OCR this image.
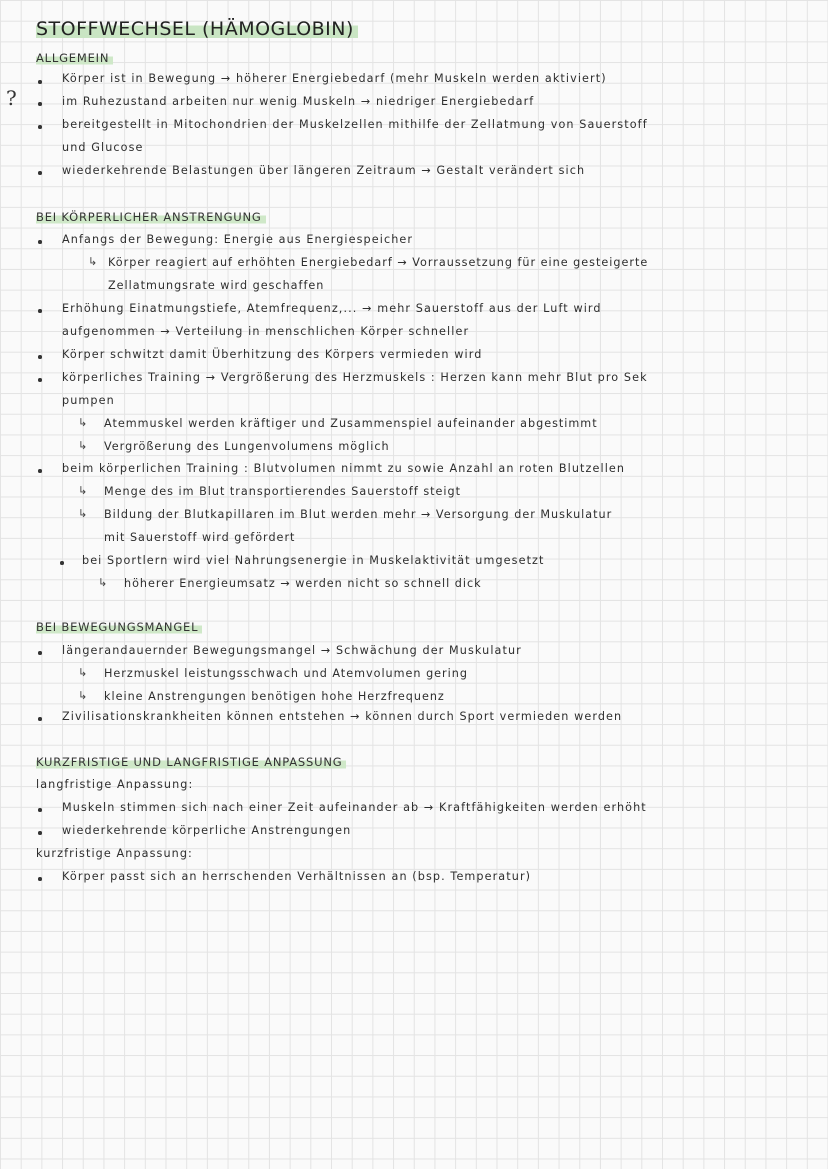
STOFFWECHSEL (HÄMOGLOBIN)
?
ALLGEMEIN
Körper ist in Bewegung → höherer Energiebedarf (mehr Muskeln werden aktiviert)
im Ruhezustand arbeiten nur wenig Muskeln → niedriger Energiebedarf
bereitgestellt in Mitochondrien der Muskelzellen mithilfe der Zellatmung von Sauerstoff
und Glucose
wiederkehrende Belastungen über längeren Zeitraum → Gestalt verändert sich
BEI KÖRPERLICHER ANSTRENGUNG
Anfangs der Bewegung: Energie aus Energiespeicher
↳ Körper reagiert auf erhöhten Energiebedarf → Vorraussetzung für eine gesteigerte
Zellatmungsrate wird geschaffen
Erhöhung Einatmungstiefe, Atemfrequenz,... → mehr Sauerstoff aus der Luft wird
aufgenommen → Verteilung in menschlichen Körper schneller
Körper schwitzt damit Überhitzung des Körpers vermieden wird
körperliches Training → Vergrößerung des Herzmuskels : Herzen kann mehr Blut pro Sek
pumpen
↳ Atemmuskel werden kräftiger und Zusammenspiel aufeinander abgestimmt
↳ Vergrößerung des Lungenvolumens möglich
beim körperlichen Training : Blutvolumen nimmt zu sowie Anzahl an roten Blutzellen
↳ Menge des im Blut transportierendes Sauerstoff steigt
↳ Bildung der Blutkapillaren im Blut werden mehr → Versorgung der Muskulatur
mit Sauerstoff wird gefördert
bei Sportlern wird viel Nahrungsenergie in Muskelaktivität umgesetzt
↳ höherer Energieumsatz → werden nicht so schnell dick
BEI BEWEGUNGSMANGEL
längerandauernder Bewegungsmangel → Schwächung der Muskulatur
↳ Herzmuskel leistungsschwach und Atemvolumen gering
↳ kleine Anstrengungen benötigen hohe Herzfrequenz
Zivilisationskrankheiten können entstehen → können durch Sport vermieden werden
KURZFRISTIGE UND LANGFRISTIGE ANPASSUNG
langfristige Anpassung:
Muskeln stimmen sich nach einer Zeit aufeinander ab → Kraftfähigkeiten werden erhöht
wiederkehrende körperliche Anstrengungen
kurzfristige Anpassung:
Körper passt sich an herrschenden Verhältnissen an (bsp. Temperatur)
